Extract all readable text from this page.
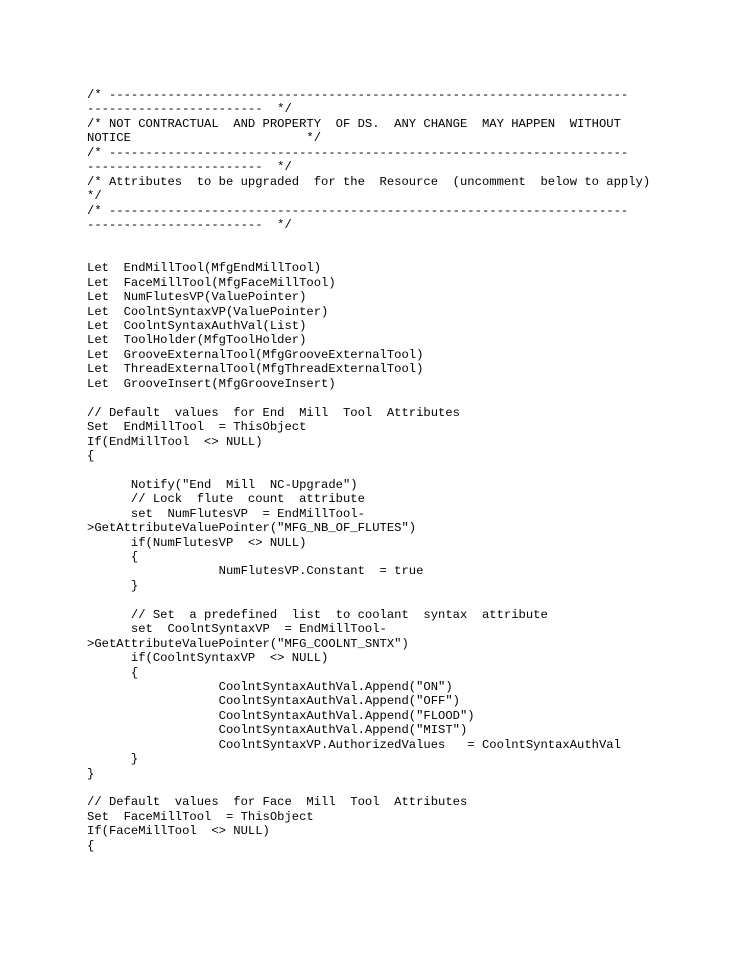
/* -----------------------------------------------------------------------
------------------------  */
/* NOT CONTRACTUAL  AND PROPERTY  OF DS.  ANY CHANGE  MAY HAPPEN  WITHOUT
NOTICE                        */
/* -----------------------------------------------------------------------
------------------------  */
/* Attributes  to be upgraded  for the  Resource  (uncomment  below to apply)
*/
/* -----------------------------------------------------------------------
------------------------  */
Let  EndMillTool(MfgEndMillTool)
Let  FaceMillTool(MfgFaceMillTool)
Let  NumFlutesVP(ValuePointer)
Let  CoolntSyntaxVP(ValuePointer)
Let  CoolntSyntaxAuthVal(List)
Let  ToolHolder(MfgToolHolder)
Let  GrooveExternalTool(MfgGrooveExternalTool)
Let  ThreadExternalTool(MfgThreadExternalTool)
Let  GrooveInsert(MfgGrooveInsert)
// Default  values  for End  Mill  Tool  Attributes
Set  EndMillTool  = ThisObject
If(EndMillTool  <> NULL)
{
Notify("End  Mill  NC-Upgrade")
// Lock  flute  count  attribute
set  NumFlutesVP  = EndMillTool-
>GetAttributeValuePointer("MFG_NB_OF_FLUTES")
if(NumFlutesVP  <> NULL)
{
NumFlutesVP.Constant  = true
}
// Set  a predefined  list  to coolant  syntax  attribute
set  CoolntSyntaxVP  = EndMillTool-
>GetAttributeValuePointer("MFG_COOLNT_SNTX")
if(CoolntSyntaxVP  <> NULL)
{
CoolntSyntaxAuthVal.Append("ON")
CoolntSyntaxAuthVal.Append("OFF")
CoolntSyntaxAuthVal.Append("FLOOD")
CoolntSyntaxAuthVal.Append("MIST")
CoolntSyntaxVP.AuthorizedValues   = CoolntSyntaxAuthVal
}
}
// Default  values  for Face  Mill  Tool  Attributes
Set  FaceMillTool  = ThisObject
If(FaceMillTool  <> NULL)
{
